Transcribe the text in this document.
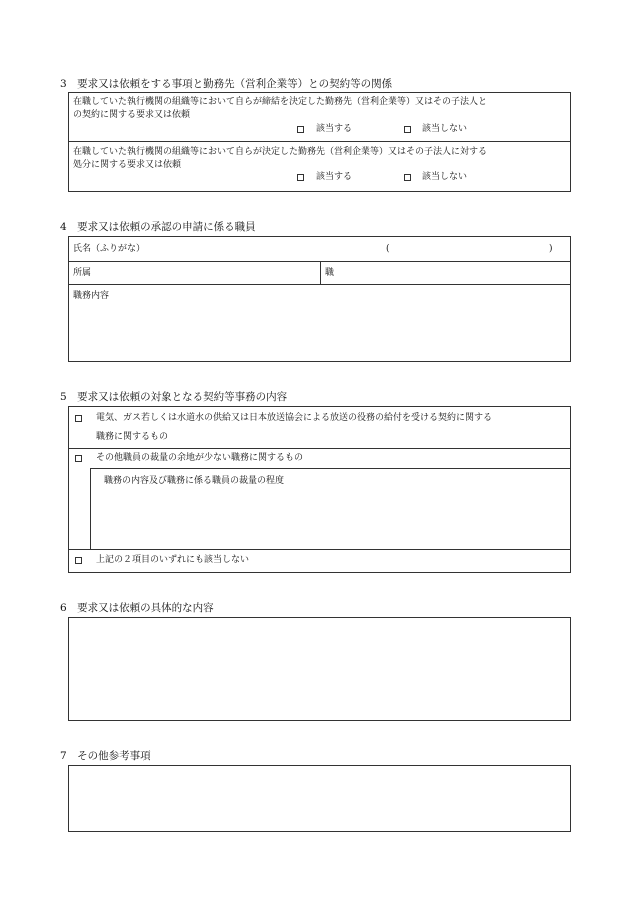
3　要求又は依頼をする事項と勤務先（営利企業等）との契約等の関係
在職していた執行機関の組織等において自らが締結を決定した勤務先（営利企業等）又はその子法人と
の契約に関する要求又は依頼
該当する	該当しない
在職していた執行機関の組織等において自らが決定した勤務先（営利企業等）又はその子法人に対する
処分に関する要求又は依頼
該当する	該当しない
4　要求又は依頼の承認の申請に係る職員
氏名（ふりがな）	(	)
所属	職
職務内容
5　要求又は依頼の対象となる契約等事務の内容
電気、ガス若しくは水道水の供給又は日本放送協会による放送の役務の給付を受ける契約に関する
職務に関するもの
その他職員の裁量の余地が少ない職務に関するもの
職務の内容及び職務に係る職員の裁量の程度
上記の２項目のいずれにも該当しない
6　要求又は依頼の具体的な内容
7　その他参考事項
